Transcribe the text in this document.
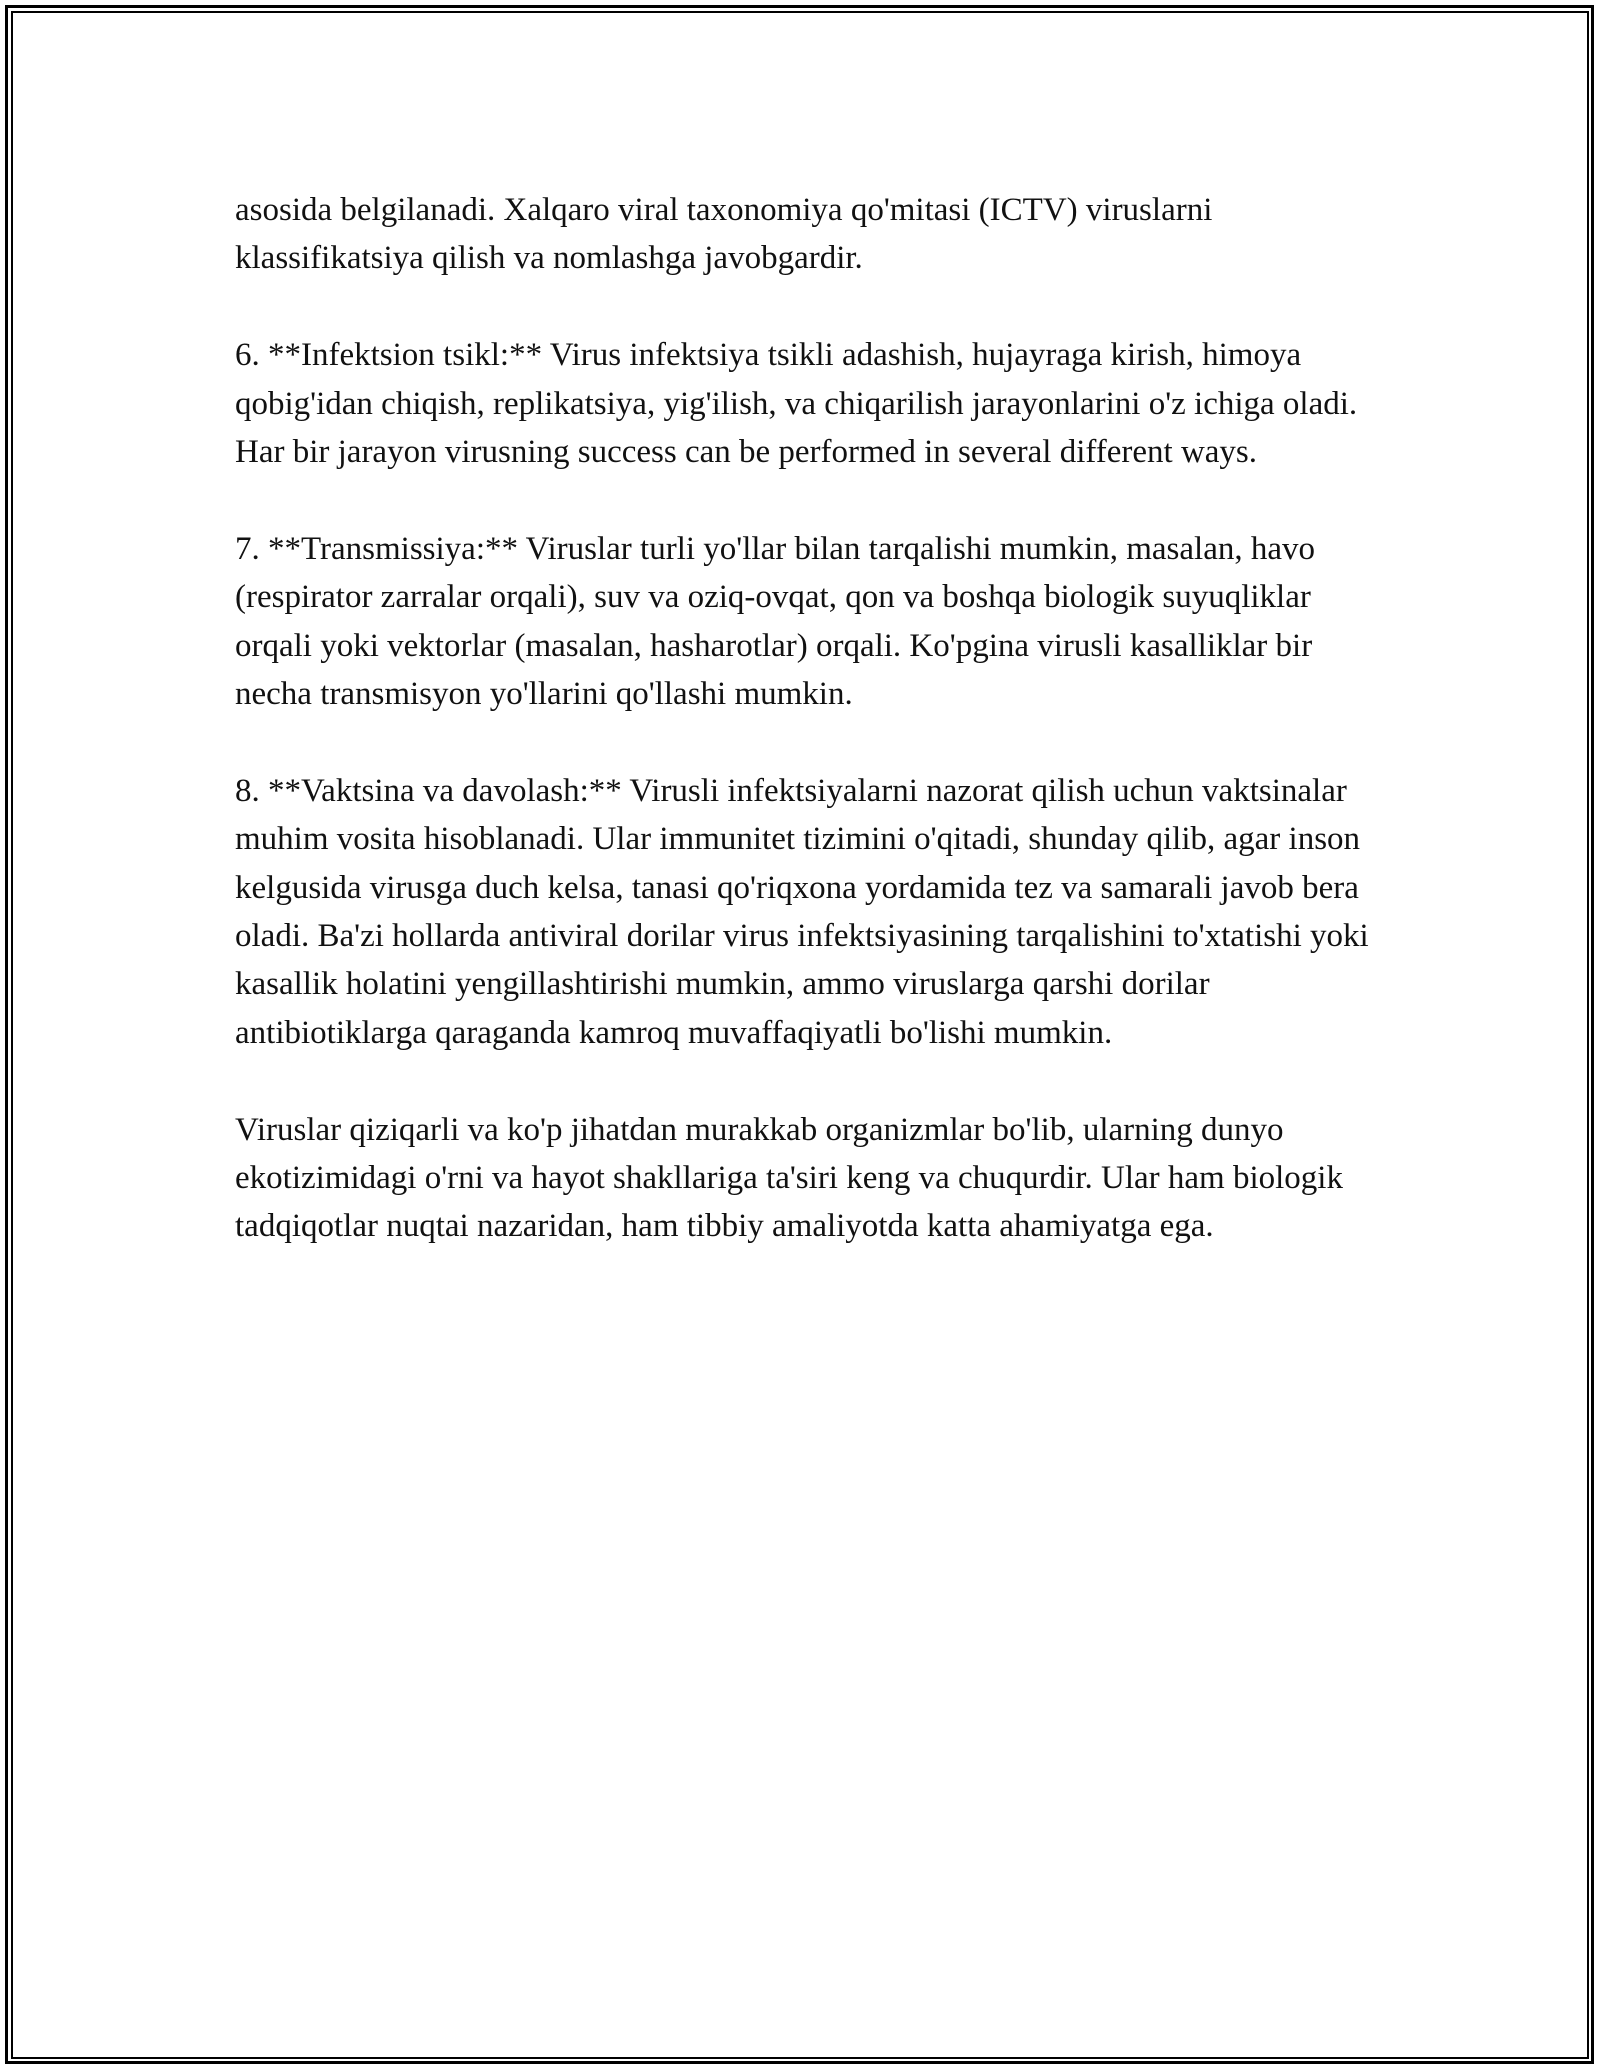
asosida belgilanadi. Xalqaro viral taxonomiya qo'mitasi (ICTV) viruslarni klassifikatsiya qilish va nomlashga javobgardir.

6. **Infektsion tsikl:** Virus infektsiya tsikli adashish, hujayraga kirish, himoya qobig'idan chiqish, replikatsiya, yig'ilish, va chiqarilish jarayonlarini o'z ichiga oladi. Har bir jarayon virusning success can be performed in several different ways.

7. **Transmissiya:** Viruslar turli yo'llar bilan tarqalishi mumkin, masalan, havo (respirator zarralar orqali), suv va oziq-ovqat, qon va boshqa biologik suyuqliklar orqali yoki vektorlar (masalan, hasharotlar) orqali. Ko'pgina virusli kasalliklar bir necha transmisyon yo'llarini qo'llashi mumkin.

8. **Vaktsina va davolash:** Virusli infektsiyalarni nazorat qilish uchun vaktsinalar muhim vosita hisoblanadi. Ular immunitet tizimini o'qitadi, shunday qilib, agar inson kelgusida virusga duch kelsa, tanasi qo'riqxona yordamida tez va samarali javob bera oladi. Ba'zi hollarda antiviral dorilar virus infektsiyasining tarqalishini to'xtatishi yoki kasallik holatini yengillashtirishi mumkin, ammo viruslarga qarshi dorilar antibiotiklarga qaraganda kamroq muvaffaqiyatli bo'lishi mumkin.

Viruslar qiziqarli va ko'p jihatdan murakkab organizmlar bo'lib, ularning dunyo ekotizimidagi o'rni va hayot shakllariga ta'siri keng va chuqurdir. Ular ham biologik tadqiqotlar nuqtai nazaridan, ham tibbiy amaliyotda katta ahamiyatga ega.
